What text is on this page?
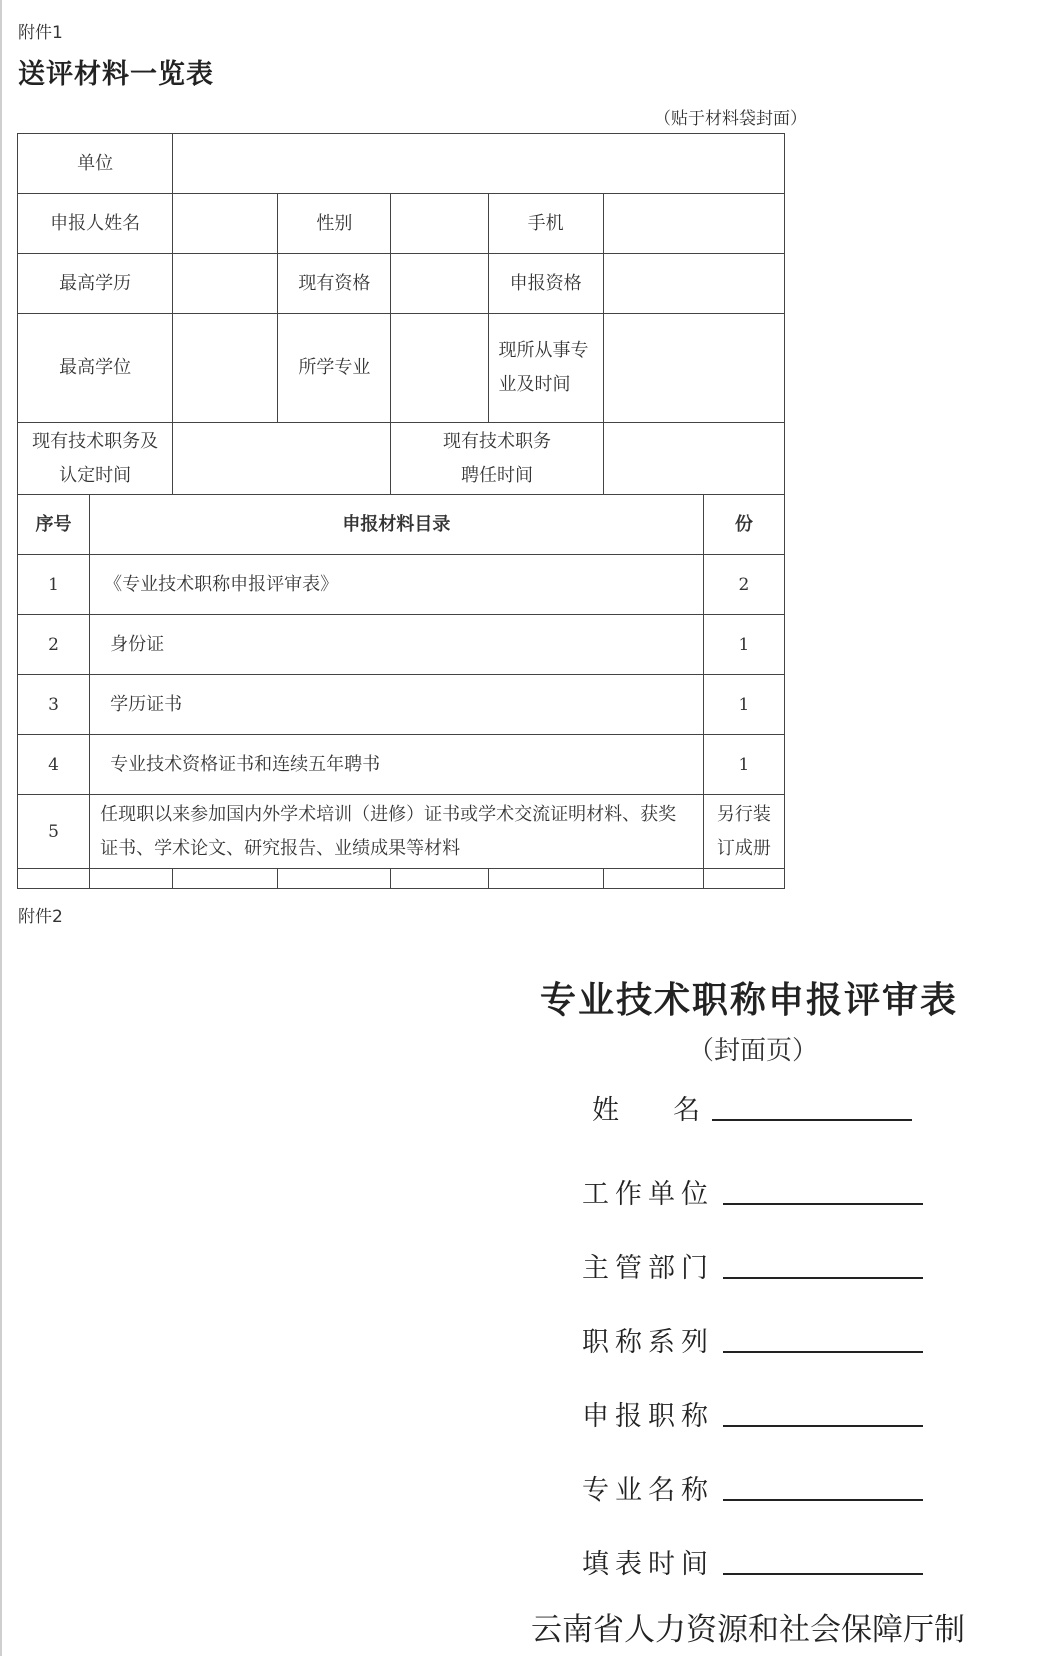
附件1
送评材料一览表
（贴于材料袋封面）
单位							
申报人姓名			性别		手机		
最高学历			现有资格		申报资格		
最高学位			所学专业		现所从事专业及时间		
现有技术职务及认定时间				现有技术职务聘任时间			
序号	申报材料目录						份
1	《专业技术职称申报评审表》						2
2	身份证						1
3	学历证书						1
4	专业技术资格证书和连续五年聘书						1
5	任现职以来参加国内外学术培训（进修）证书或学术交流证明材料、获奖证书、学术论文、研究报告、业绩成果等材料						另行装订成册

附件2
专业技术职称申报评审表
（封面页）
姓　　名
工作单位
主管部门
职称系列
申报职称
专业名称
填表时间
云南省人力资源和社会保障厅制
